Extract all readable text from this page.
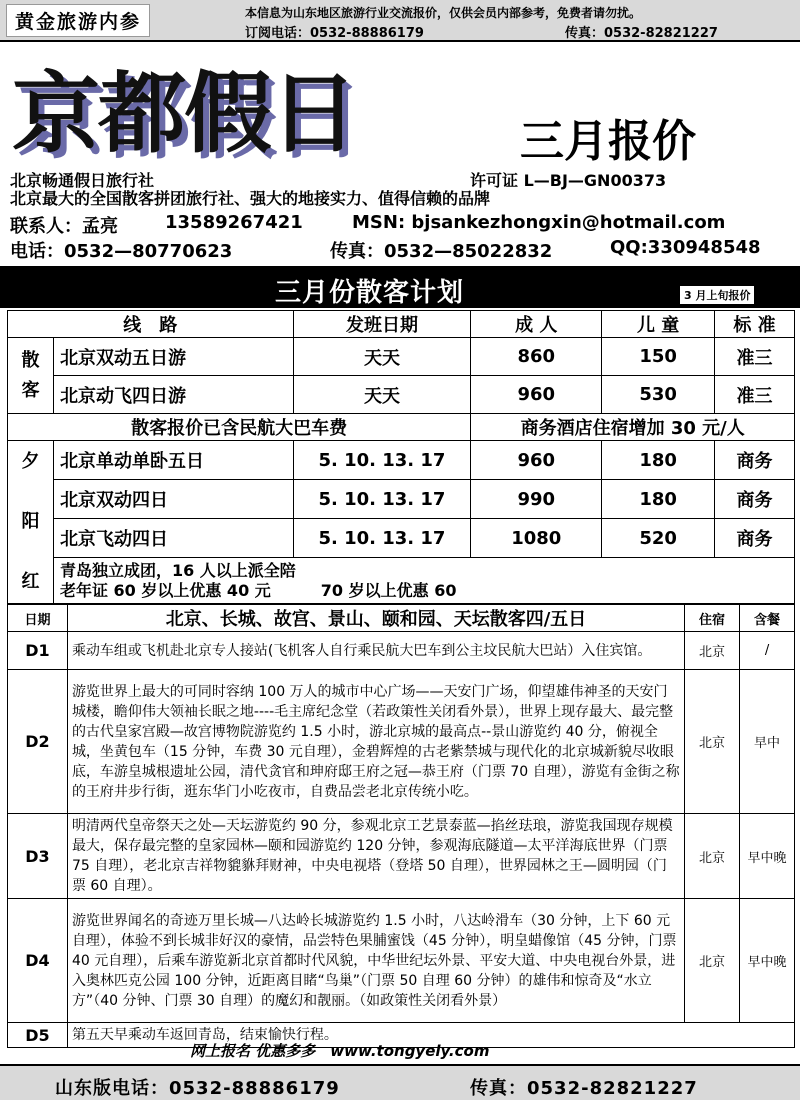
黄金旅游内参	本信息为山东地区旅游行业交流报价，仅供会员内部参考，免费者请勿扰。
订阅电话：0532-88886179	传真：0532-82821227
京都假日	三月报价
北京畅通假日旅行社	许可证 L—BJ—GN00373
北京最大的全国散客拼团旅行社、强大的地接实力、值得信赖的品牌
联系人：孟亮	13589267421	MSN: bjsankezhongxin@hotmail.com
电话：0532—80770623	传真：0532—85022832	QQ:330948548
三月份散客计划	3 月上旬报价
线　路		发班日期	成 人	儿 童	标 准
散
客	北京双动五日游	天天	860	150	准三
	北京动飞四日游	天天	960	530	准三
散客报价已含民航大巴车费			商务酒店住宿增加 30 元/人		
夕

阳

红	北京单动单卧五日	5. 10. 13. 17	960	180	商务
	北京双动四日	5. 10. 13. 17	990	180	商务
	北京飞动四日	5. 10. 13. 17	1080	520	商务

	青岛独立成团，16 人以上派全陪
老年证 60 岁以上优惠 40 元 70 岁以上优惠 60				
日期	北京、长城、故宫、景山、颐和园、天坛散客四/五日	住宿	含餐
D1	乘动车组或飞机赴北京专人接站(飞机客人自行乘民航大巴车到公主坟民航大巴站）入住宾馆。	北京	/
D2	游览世界上最大的可同时容纳 100 万人的城市中心广场——天安门广场，仰望雄伟神圣的天安门城楼，瞻仰伟大领袖长眠之地----毛主席纪念堂（若政策性关闭看外景），世界上现存最大、最完整的古代皇家宫殿—故宫博物院游览约 1.5 小时，游北京城的最高点--景山游览约 40 分，俯视全城，坐黄包车（15 分钟，车费 30 元自理），金碧辉煌的古老紫禁城与现代化的北京城新貌尽收眼底，车游皇城根遗址公园，清代贪官和珅府邸王府之冠—恭王府（门票 70 自理），游览有金街之称的王府井步行街，逛东华门小吃夜市，自费品尝老北京传统小吃。	北京	早中
D3	明清两代皇帝祭天之处—天坛游览约 90 分，参观北京工艺景泰蓝—掐丝珐琅，游览我国现存规模最大，保存最完整的皇家园林—颐和园游览约 120 分钟，参观海底隧道—太平洋海底世界（门票 75 自理），老北京吉祥物貔貅拜财神，中央电视塔（登塔 50 自理），世界园林之王—圆明园（门票 60 自理）。	北京	早中晚
D4	游览世界闻名的奇迹万里长城—八达岭长城游览约 1.5 小时，八达岭滑车（30 分钟，上下 60 元自理），体验不到长城非好汉的豪情，品尝特色果脯蜜饯（45 分钟），明皇蜡像馆（45 分钟，门票 40 元自理），后乘车游览新北京首都时代风貌，中华世纪坛外景、平安大道、中央电视台外景，进入奥林匹克公园 100 分钟，近距离目睹“鸟巢”（门票 50 自理 60 分钟）的雄伟和惊奇及“水立方”（40 分钟、门票 30 自理）的魔幻和靓丽。（如政策性关闭看外景）	北京	早中晚
D5	第五天早乘动车返回青岛，结束愉快行程。		
网上报名 优惠多多　www.tongyely.com
山东版电话：0532-88886179	传真：0532-82821227
